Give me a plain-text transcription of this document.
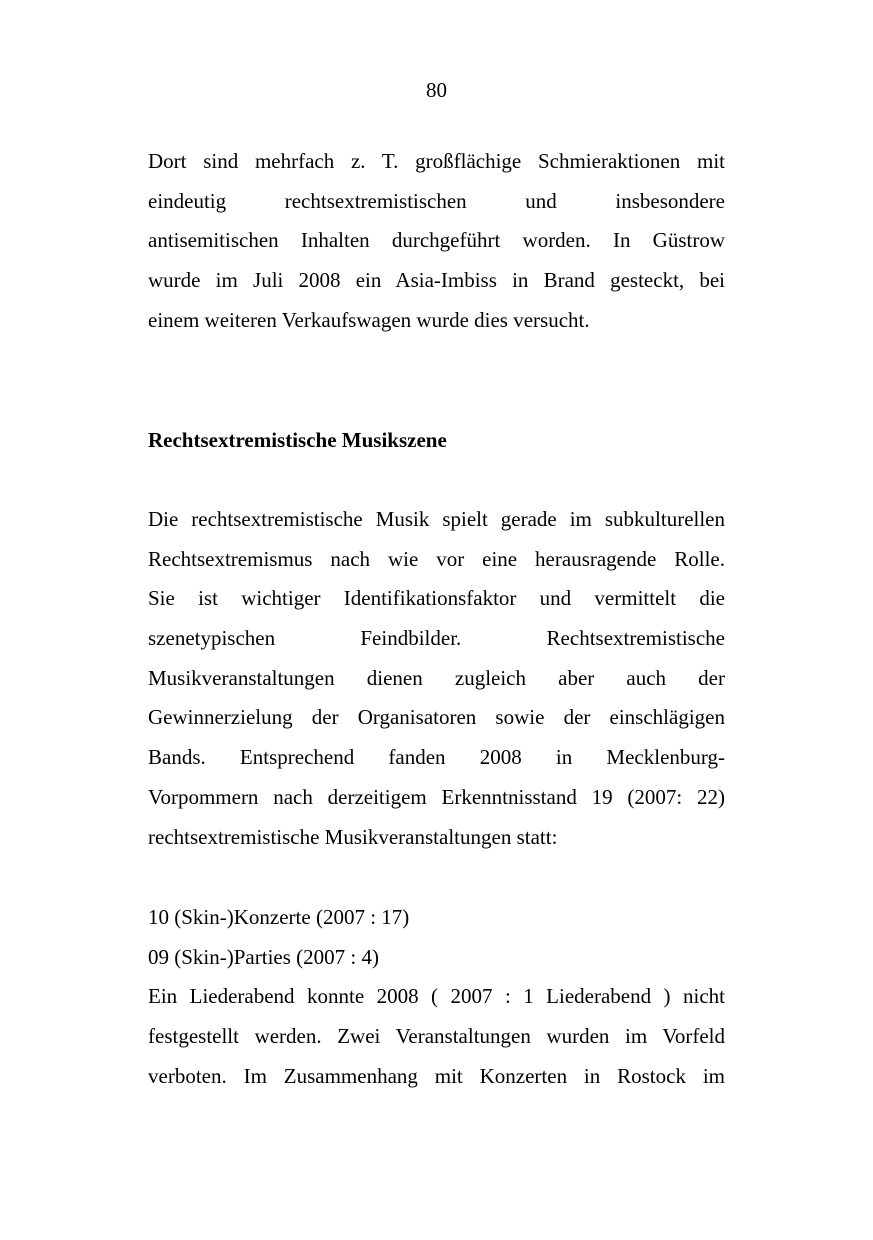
80
Dort sind mehrfach z. T. großflächige Schmieraktionen mit
eindeutig rechtsextremistischen und insbesondere
antisemitischen Inhalten durchgeführt worden. In Güstrow
wurde im Juli 2008 ein Asia-Imbiss in Brand gesteckt, bei
einem weiteren Verkaufswagen wurde dies versucht.
Rechtsextremistische Musikszene
Die rechtsextremistische Musik spielt gerade im subkulturellen
Rechtsextremismus nach wie vor eine herausragende Rolle.
Sie ist wichtiger Identifikationsfaktor und vermittelt die
szenetypischen Feindbilder. Rechtsextremistische
Musikveranstaltungen dienen zugleich aber auch der
Gewinnerzielung der Organisatoren sowie der einschlägigen
Bands. Entsprechend fanden 2008 in Mecklenburg-
Vorpommern nach derzeitigem Erkenntnisstand 19 (2007: 22)
rechtsextremistische Musikveranstaltungen statt:
10 (Skin-)Konzerte (2007 : 17)
09 (Skin-)Parties (2007 : 4)
Ein Liederabend konnte 2008 ( 2007 : 1 Liederabend ) nicht
festgestellt werden. Zwei Veranstaltungen wurden im Vorfeld
verboten. Im Zusammenhang mit Konzerten in Rostock im
